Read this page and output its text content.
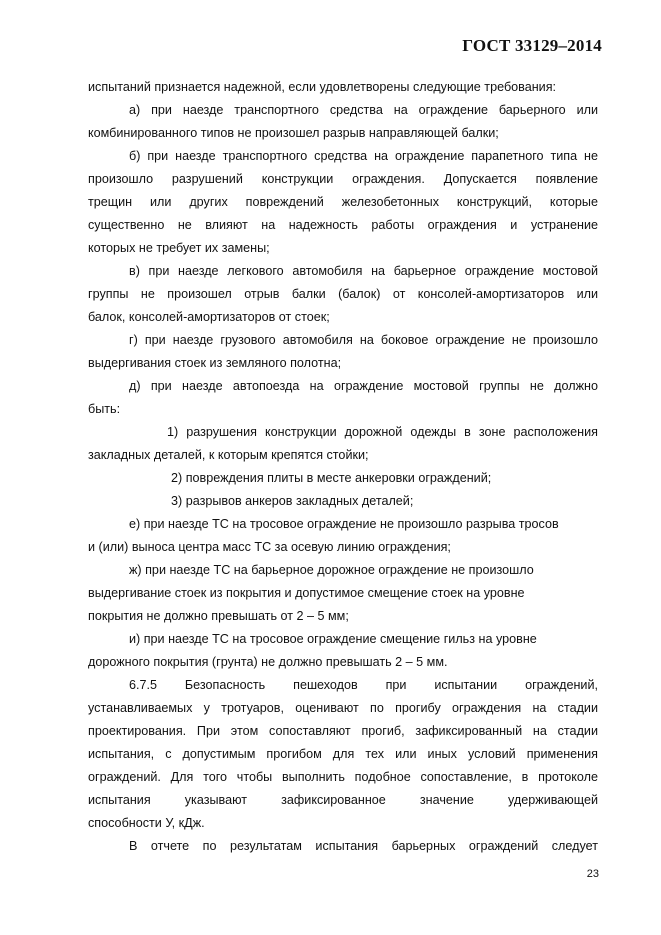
ГОСТ 33129–2014

испытаний признается надежной, если удовлетворены следующие требования:

а) при наезде транспортного средства на ограждение барьерного или

комбинированного типов не произошел разрыв направляющей балки;

б) при наезде транспортного средства на ограждение парапетного типа не

произошло разрушений конструкции ограждения. Допускается появление

трещин или других повреждений железобетонных конструкций, которые

существенно не влияют на надежность работы ограждения и устранение

которых не требует их замены;

в) при наезде легкового автомобиля на барьерное ограждение мостовой

группы не произошел отрыв балки (балок) от консолей-амортизаторов или

балок, консолей-амортизаторов от стоек;

г) при наезде грузового автомобиля на боковое ограждение не произошло

выдергивания стоек из земляного полотна;

д) при наезде автопоезда на ограждение мостовой группы не должно

быть:

1) разрушения конструкции дорожной одежды в зоне расположения

закладных деталей, к которым крепятся стойки;

2) повреждения плиты в месте анкеровки ограждений;

3) разрывов анкеров закладных деталей;

е) при наезде ТС на тросовое ограждение не произошло разрыва тросов

и (или) выноса центра масс ТС за осевую линию ограждения;

ж) при наезде ТС на барьерное дорожное ограждение не произошло

выдергивание стоек из покрытия и допустимое смещение стоек на уровне

покрытия не должно превышать от 2 – 5 мм;

и) при наезде ТС на тросовое ограждение смещение гильз на уровне

дорожного покрытия (грунта) не должно превышать 2 – 5 мм.

6.7.5 Безопасность пешеходов при испытании ограждений,

устанавливаемых у тротуаров, оценивают по прогибу ограждения на стадии

проектирования. При этом сопоставляют прогиб, зафиксированный на стадии

испытания, с допустимым прогибом для тех или иных условий применения

ограждений. Для того чтобы выполнить подобное сопоставление, в протоколе

испытания указывают зафиксированное значение удерживающей

способности У, кДж.

В отчете по результатам испытания барьерных ограждений следует

23
